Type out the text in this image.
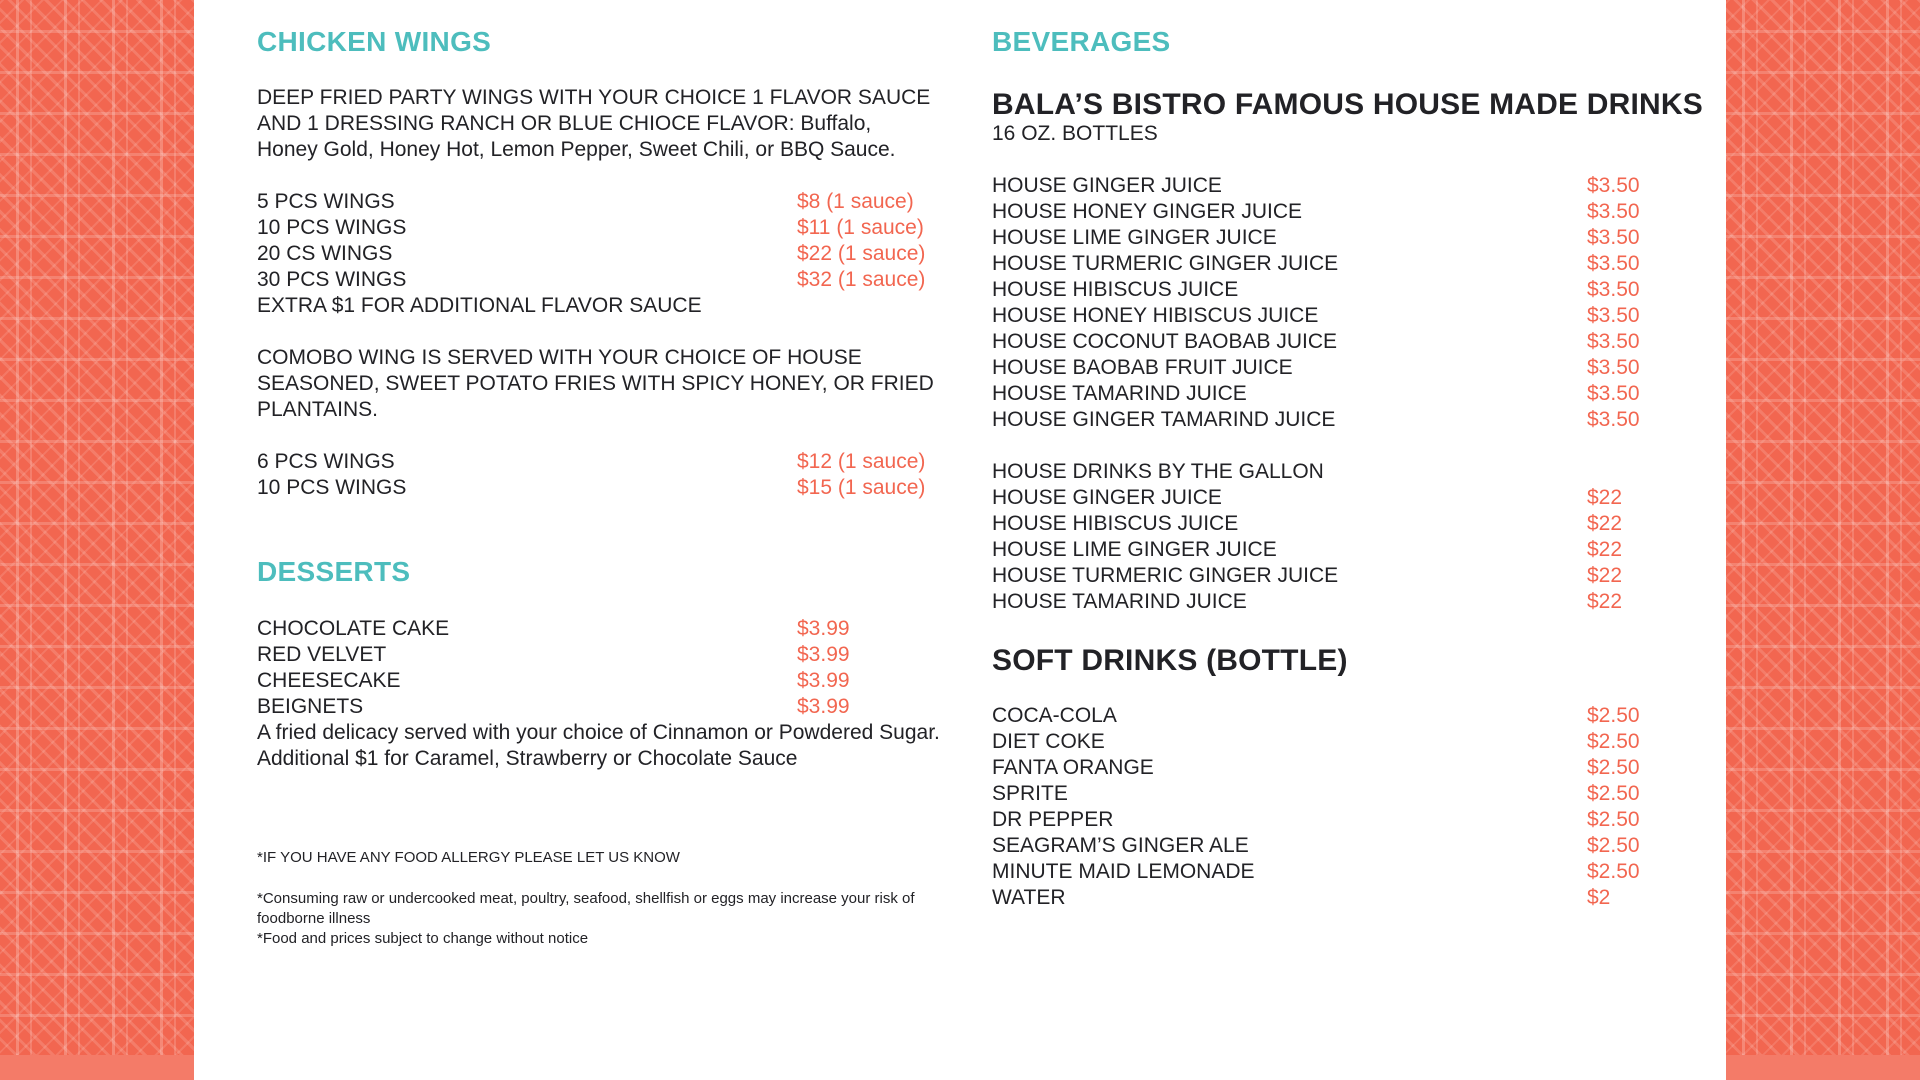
CHICKEN WINGS
DEEP FRIED PARTY WINGS WITH YOUR CHOICE 1 FLAVOR SAUCE AND 1 DRESSING RANCH OR BLUE CHIOCE FLAVOR: Buffalo, Honey Gold, Honey Hot, Lemon Pepper, Sweet Chili, or BBQ Sauce.
5 PCS WINGS	$8 (1 sauce)
10 PCS WINGS	$11 (1 sauce)
20 CS WINGS	$22 (1 sauce)
30 PCS WINGS	$32 (1 sauce)
EXTRA $1 FOR ADDITIONAL FLAVOR SAUCE
COMOBO WING IS SERVED WITH YOUR CHOICE OF HOUSE SEASONED, SWEET POTATO FRIES WITH SPICY HONEY, OR FRIED PLANTAINS.
6 PCS WINGS	$12 (1 sauce)
10 PCS WINGS	$15 (1 sauce)
DESSERTS
CHOCOLATE CAKE	$3.99
RED VELVET	$3.99
CHEESECAKE	$3.99
BEIGNETS	$3.99
A fried delicacy served with your choice of Cinnamon or Powdered Sugar.
Additional $1 for Caramel, Strawberry or Chocolate Sauce
*IF YOU HAVE ANY FOOD ALLERGY PLEASE LET US KNOW
*Consuming raw or undercooked meat, poultry, seafood, shellfish or eggs may increase your risk of foodborne illness
*Food and prices subject to change without notice
BEVERAGES
BALA’S BISTRO FAMOUS HOUSE MADE DRINKS
16 OZ. BOTTLES
HOUSE GINGER JUICE	$3.50
HOUSE HONEY GINGER JUICE	$3.50
HOUSE LIME GINGER JUICE	$3.50
HOUSE TURMERIC GINGER JUICE	$3.50
HOUSE HIBISCUS JUICE	$3.50
HOUSE HONEY HIBISCUS JUICE	$3.50
HOUSE COCONUT BAOBAB JUICE	$3.50
HOUSE BAOBAB FRUIT JUICE	$3.50
HOUSE TAMARIND JUICE	$3.50
HOUSE GINGER TAMARIND JUICE	$3.50
HOUSE DRINKS BY THE GALLON
HOUSE GINGER JUICE	$22
HOUSE HIBISCUS JUICE	$22
HOUSE LIME GINGER JUICE	$22
HOUSE TURMERIC GINGER JUICE	$22
HOUSE TAMARIND JUICE	$22
SOFT DRINKS (BOTTLE)
COCA-COLA	$2.50
DIET COKE	$2.50
FANTA ORANGE	$2.50
SPRITE	$2.50
DR PEPPER	$2.50
SEAGRAM’S GINGER ALE	$2.50
MINUTE MAID LEMONADE	$2.50
WATER	$2
